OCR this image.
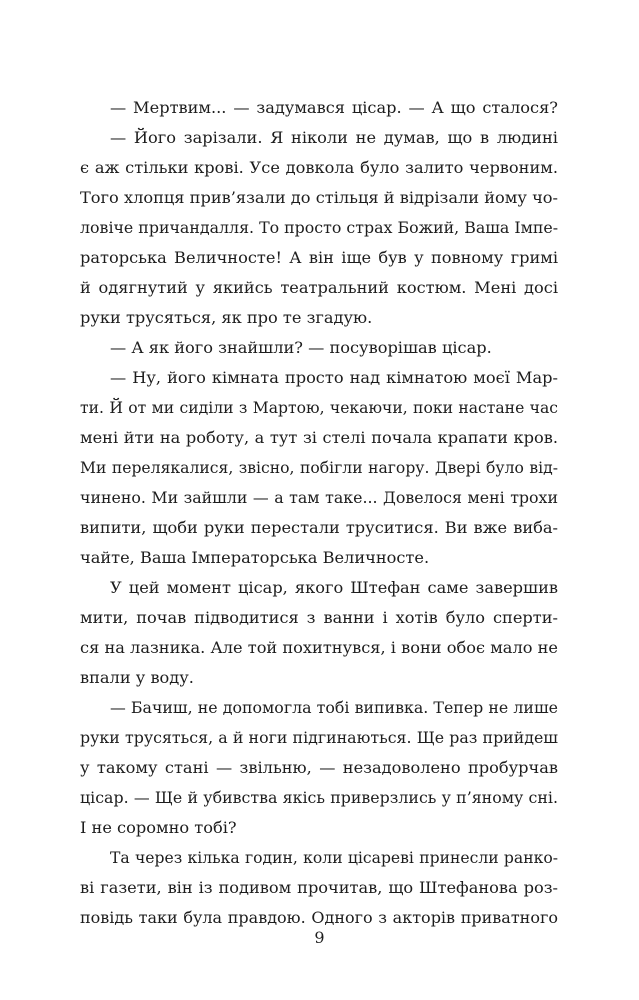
— Мертвим... — задумався цісар. — А що сталося?
— Його зарізали. Я ніколи не думав, що в людині
є аж стільки крові. Усе довкола було залито червоним.
Того хлопця прив’язали до стільця й відрізали йому чо-
ловіче причандалля. То просто страх Божий, Ваша Імпе-
раторська Величносте! А він іще був у повному гримі
й одягнутий у якийсь театральний костюм. Мені досі
руки трусяться, як про те згадую.
— А як його знайшли? — посуворішав цісар.
— Ну, його кімната просто над кімнатою моєї Мар-
ти. Й от ми сиділи з Мартою, чекаючи, поки настане час
мені йти на роботу, а тут зі стелі почала крапати кров.
Ми перелякалися, звісно, побігли нагору. Двері було від-
чинено. Ми зайшли — а там таке... Довелося мені трохи
випити, щоби руки перестали труситися. Ви вже виба-
чайте, Ваша Імператорська Величносте.
У цей момент цісар, якого Штефан саме завершив
мити, почав підводитися з ванни і хотів було сперти-
ся на лазника. Але той похитнувся, і вони обоє мало не
впали у воду.
— Бачиш, не допомогла тобі випивка. Тепер не лише
руки трусяться, а й ноги підгинаються. Ще раз прийдеш
у такому стані — звільню, — незадоволено пробурчав
цісар. — Ще й убивства якісь приверзлись у п’яному сні.
І не соромно тобі?
Та через кілька годин, коли цісареві принесли ранко-
ві газети, він із подивом прочитав, що Штефанова роз-
повідь таки була правдою. Одного з акторів приватного
9
